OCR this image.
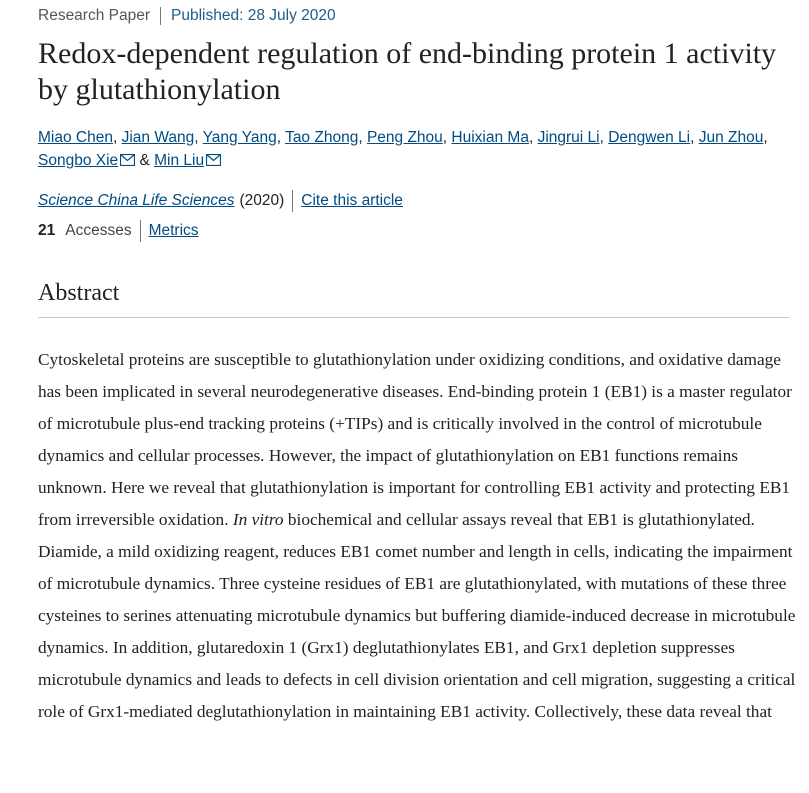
Research Paper Published: 28 July 2020
Redox-dependent regulation of end-binding protein 1 activity by glutathionylation
Miao Chen, Jian Wang, Yang Yang, Tao Zhong, Peng Zhou, Huixian Ma, Jingrui Li, Dengwen Li, Jun Zhou,
Songbo Xie & Min Liu
Science China Life Sciences (2020) Cite this article
21 Accesses Metrics
Abstract

Cytoskeletal proteins are susceptible to glutathionylation under oxidizing conditions, and oxidative damage has been implicated in several neurodegenerative diseases. End-binding protein 1 (EB1) is a master regulator of microtubule plus-end tracking proteins (+TIPs) and is critically involved in the control of microtubule dynamics and cellular processes. However, the impact of glutathionylation on EB1 functions remains unknown. Here we reveal that glutathionylation is important for controlling EB1 activity and protecting EB1 from irreversible oxidation. In vitro biochemical and cellular assays reveal that EB1 is glutathionylated. Diamide, a mild oxidizing reagent, reduces EB1 comet number and length in cells, indicating the impairment of microtubule dynamics. Three cysteine residues of EB1 are glutathionylated, with mutations of these three cysteines to serines attenuating microtubule dynamics but buffering diamide-induced decrease in microtubule dynamics. In addition, glutaredoxin 1 (Grx1) deglutathionylates EB1, and Grx1 depletion suppresses microtubule dynamics and leads to defects in cell division orientation and cell migration, suggesting a critical role of Grx1-mediated deglutathionylation in maintaining EB1 activity. Collectively, these data reveal that
